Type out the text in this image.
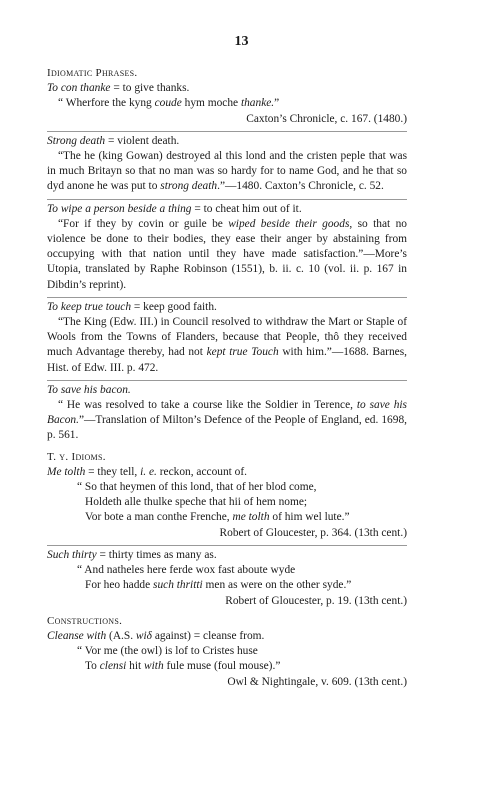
13
Idiomatic Phrases.
To con thanke = to give thanks.
“ Wherfore the kyng coude hym moche thanke.”
Caxton’s Chronicle, c. 167. (1480.)
Strong death = violent death.
“The he (king Gowan) destroyed al this lond and the cristen peple that was in much Britayn so that no man was so hardy for to name God, and he that so dyd anone he was put to strong death.”—1480. Caxton’s Chronicle, c. 52.
To wipe a person beside a thing = to cheat him out of it.
“For if they by covin or guile be wiped beside their goods, so that no violence be done to their bodies, they ease their anger by abstaining from occupying with that nation until they have made satisfaction.”—More’s Utopia, translated by Raphe Robinson (1551), b. ii. c. 10 (vol. ii. p. 167 in Dibdin’s reprint).
To keep true touch = keep good faith.
“The King (Edw. III.) in Council resolved to withdraw the Mart or Staple of Wools from the Towns of Flanders, because that People, thô they received much Advantage thereby, had not kept true Touch with him.”—1688. Barnes, Hist. of Edw. III. p. 472.
To save his bacon.
“ He was resolved to take a course like the Soldier in Terence, to save his Bacon.”—Translation of Milton’s Defence of the People of England, ed. 1698, p. 561.
T. y. Idioms.
Me tolth = they tell, i. e. reckon, account of.
“ So that heymen of this lond, that of her blod come,
Holdeth alle thulke speche that hii of hem nome;
Vor bote a man conthe Frenche, me tolth of him wel lute.”
Robert of Gloucester, p. 364. (13th cent.)
Such thirty = thirty times as many as.
“ And natheles here ferde wox fast aboute wyde
For heo hadde such thritti men as were on the other syde.”
Robert of Gloucester, p. 19. (13th cent.)
Constructions.
Cleanse with (A.S. wiδ against) = cleanse from.
“ Vor me (the owl) is lof to Cristes huse
To clensi hit with fule muse (foul mouse).”
Owl & Nightingale, v. 609. (13th cent.)
